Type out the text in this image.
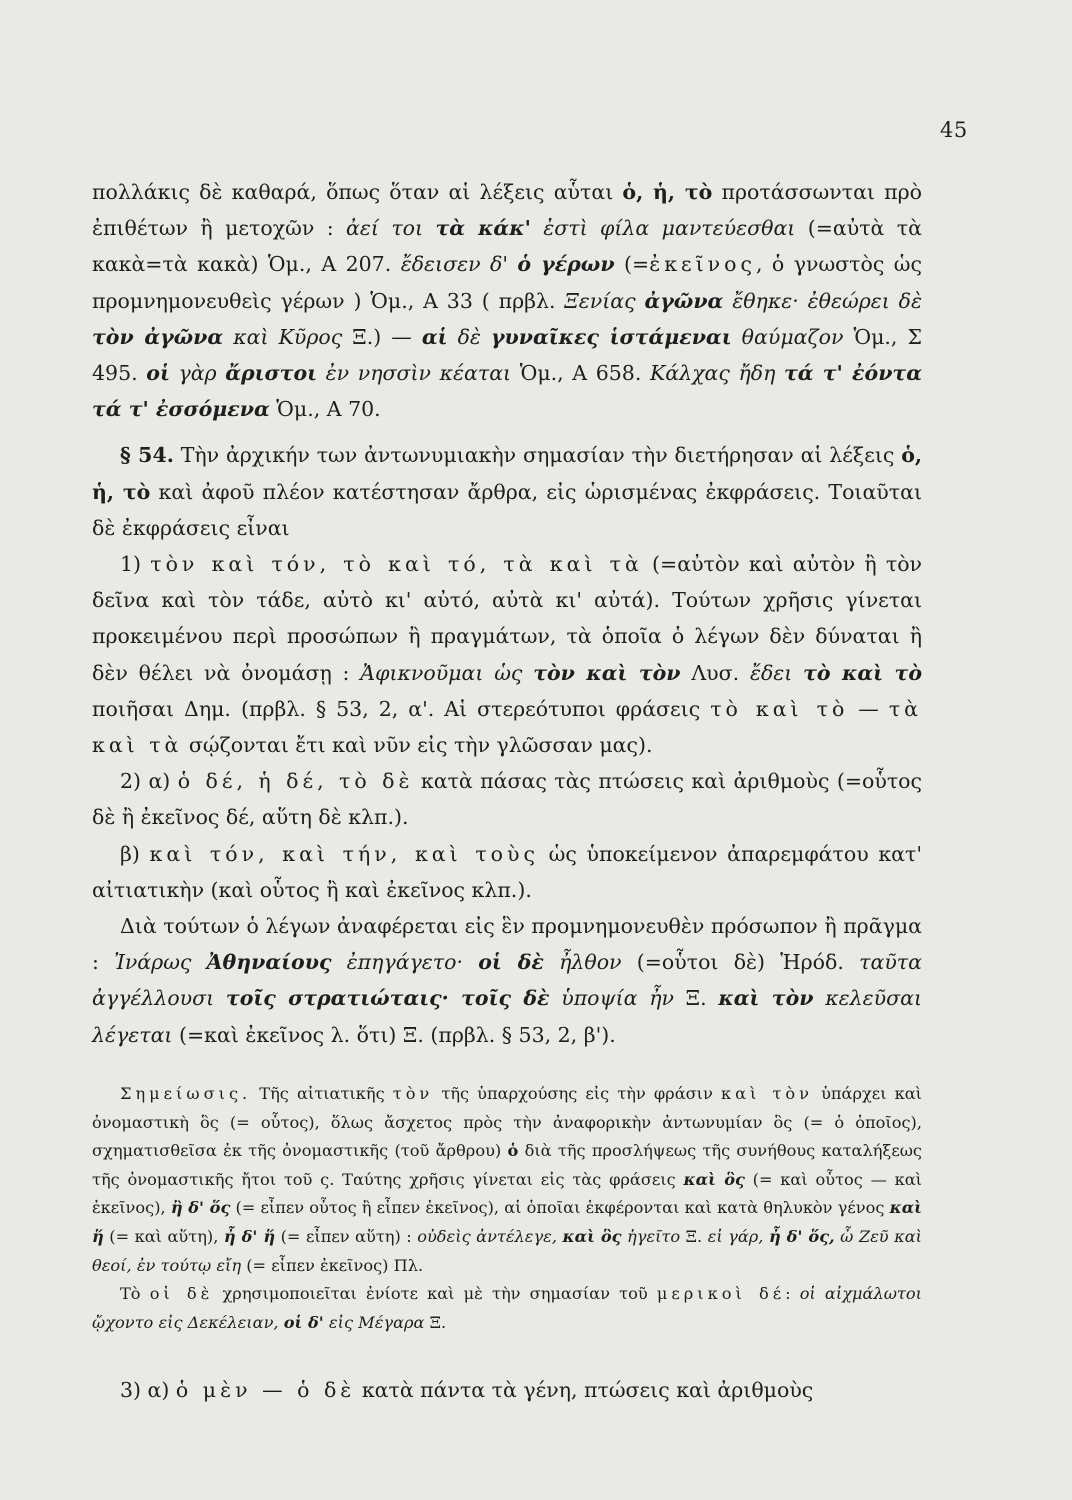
45

πολλάκις δὲ καθαρά, ὅπως ὅταν αἱ λέξεις αὗται ὁ, ἡ, τὸ προτάσσωνται πρὸ ἐπιθέτων ἢ μετοχῶν : ἀεί τοι τὰ κάκ' ἐστὶ φίλα μαντεύεσθαι (=αὐτὰ τὰ κακὰ=τὰ κακὰ) Ὁμ., Α 207. ἔδεισεν δ' ὁ γέρων (=ἐκεῖνος, ὁ γνωστὸς ὡς προμνημονευθεὶς γέρων ) Ὁμ., Α 33 ( πρβλ. Ξενίας ἀγῶνα ἔθηκε· ἐθεώρει δὲ τὸν ἀγῶνα καὶ Κῦρος Ξ.) — αἱ δὲ γυναῖκες ἱστάμεναι θαύμαζον Ὁμ., Σ 495. οἱ γὰρ ἄριστοι ἐν νησσὶν κέαται Ὁμ., Α 658. Κάλχας ἤδη τά τ' ἐόντα τά τ' ἐσσόμενα Ὁμ., Α 70.

§ 54. Τὴν ἀρχικήν των ἀντωνυμιακὴν σημασίαν τὴν διετήρησαν αἱ λέξεις ὁ, ἡ, τὸ καὶ ἀφοῦ πλέον κατέστησαν ἄρθρα, εἰς ὡρισμένας ἐκφράσεις. Τοιαῦται δὲ ἐκφράσεις εἶναι

1) τὸν καὶ τόν, τὸ καὶ τό, τὰ καὶ τὰ (=αὐτὸν καὶ αὐτὸν ἢ τὸν δεῖνα καὶ τὸν τάδε, αὐτὸ κι' αὐτό, αὐτὰ κι' αὐτά). Τούτων χρῆσις γίνεται προκειμένου περὶ προσώπων ἢ πραγμάτων, τὰ ὁποῖα ὁ λέγων δὲν δύναται ἢ δὲν θέλει νὰ ὀνομάσῃ : Ἀφικνοῦμαι ὡς τὸν καὶ τὸν Λυσ. ἔδει τὸ καὶ τὸ ποιῆσαι Δημ. (πρβλ. § 53, 2, α'. Αἱ στερεότυποι φράσεις τὸ καὶ τὸ — τὰ καὶ τὰ σῴζονται ἔτι καὶ νῦν εἰς τὴν γλῶσσαν μας).

2) α) ὁ δέ, ἡ δέ, τὸ δὲ κατὰ πάσας τὰς πτώσεις καὶ ἀριθμοὺς (=οὗτος δὲ ἢ ἐκεῖνος δέ, αὕτη δὲ κλπ.).

β) καὶ τόν, καὶ τήν, καὶ τοὺς ὡς ὑποκείμενον ἀπαρεμφάτου κατ' αἰτιατικὴν (καὶ οὗτος ἢ καὶ ἐκεῖνος κλπ.).

Διὰ τούτων ὁ λέγων ἀναφέρεται εἰς ἓν προμνημονευθὲν πρόσωπον ἢ πρᾶγμα : Ἰνάρως Ἀθηναίους ἐπηγάγετο· οἱ δὲ ἦλθον (=οὗτοι δὲ) Ἡρόδ. ταῦτα ἀγγέλλουσι τοῖς στρατιώταις· τοῖς δὲ ὑποψία ἦν Ξ. καὶ τὸν κελεῦσαι λέγεται (=καὶ ἐκεῖνος λ. ὅτι) Ξ. (πρβλ. § 53, 2, β').

Σημείωσις. Τῆς αἰτιατικῆς τὸν τῆς ὑπαρχούσης εἰς τὴν φράσιν καὶ τὸν ὑπάρχει καὶ ὀνομαστικὴ ὃς (= οὗτος), ὅλως ἄσχετος πρὸς τὴν ἀναφορικὴν ἀντωνυμίαν ὃς (= ὁ ὁποῖος), σχηματισθεῖσα ἐκ τῆς ὀνομαστικῆς (τοῦ ἄρθρου) ὁ διὰ τῆς προσλήψεως τῆς συνήθους καταλήξεως τῆς ὀνομαστικῆς ἤτοι τοῦ ς. Ταύτης χρῆσις γίνεται εἰς τὰς φράσεις καὶ ὃς (= καὶ οὗτος — καὶ ἐκεῖνος), ἢ δ' ὅς (= εἶπεν οὗτος ἢ εἶπεν ἐκεῖνος), αἱ ὁποῖαι ἐκφέρονται καὶ κατὰ θηλυκὸν γένος καὶ ἥ (= καὶ αὕτη), ἦ δ' ἥ (= εἶπεν αὕτη) : οὐδεὶς ἀντέλεγε, καὶ ὃς ἡγεῖτο Ξ. εἰ γάρ, ἦ δ' ὅς, ὦ Ζεῦ καὶ θεοί, ἐν τούτῳ εἴη (= εἶπεν ἐκεῖνος) Πλ.

Τὸ οἱ δὲ χρησιμοποιεῖται ἐνίοτε καὶ μὲ τὴν σημασίαν τοῦ μερικοὶ δέ: οἱ αἰχμάλωτοι ᾤχοντο εἰς Δεκέλειαν, οἱ δ' εἰς Μέγαρα Ξ.

3) α) ὁ μὲν — ὁ δὲ κατὰ πάντα τὰ γένη, πτώσεις καὶ ἀριθμοὺς
